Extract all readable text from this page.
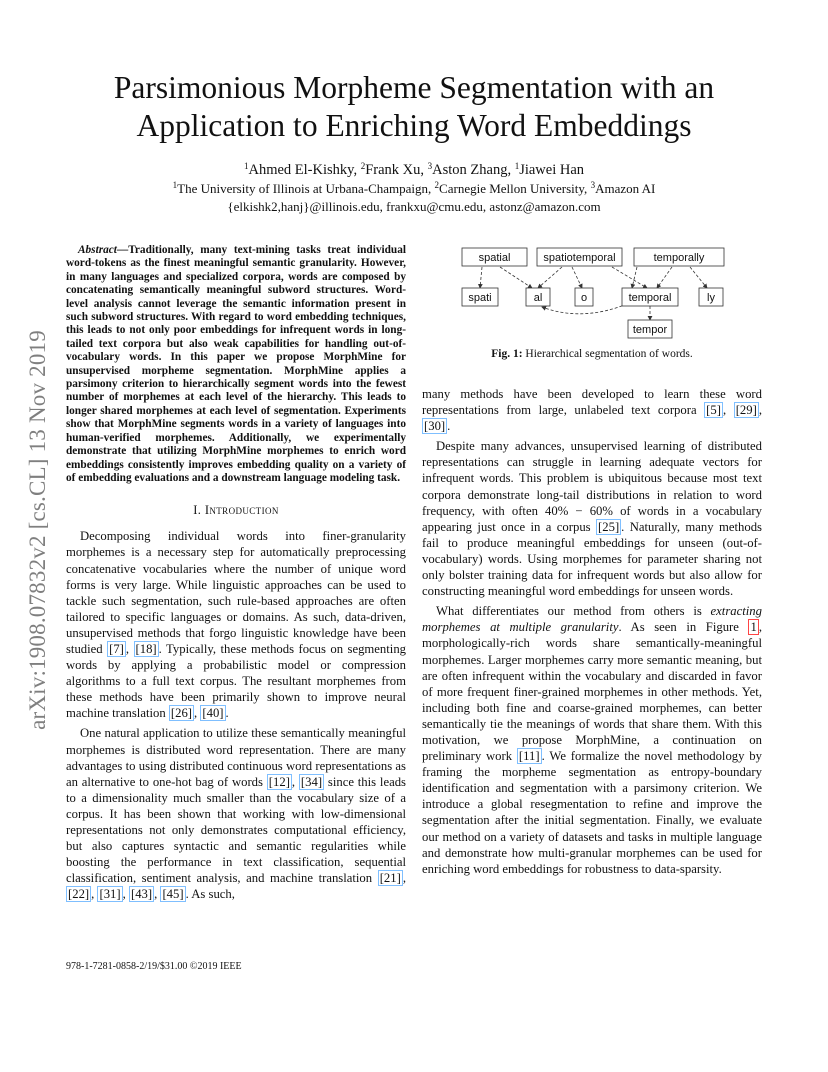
arXiv:1908.07832v2 [cs.CL] 13 Nov 2019
Parsimonious Morpheme Segmentation with an Application to Enriching Word Embeddings
$^1$Ahmed El-Kishky, $^2$Frank Xu, $^3$Aston Zhang, $^1$Jiawei Han
$^1$The University of Illinois at Urbana-Champaign, $^2$Carnegie Mellon University, $^3$Amazon AI
{elkishk2,hanj}@illinois.edu, frankxu@cmu.edu, astonz@amazon.com

Abstract—Traditionally, many text-mining tasks treat individual word-tokens as the finest meaningful semantic granularity. However, in many languages and specialized corpora, words are composed by concatenating semantically meaningful subword structures. Word-level analysis cannot leverage the semantic information present in such subword structures. With regard to word embedding techniques, this leads to not only poor embeddings for infrequent words in long-tailed text corpora but also weak capabilities for handling out-of-vocabulary words. In this paper we propose MorphMine for unsupervised morpheme segmentation. MorphMine applies a parsimony criterion to hierarchically segment words into the fewest number of morphemes at each level of the hierarchy. This leads to longer shared morphemes at each level of segmentation. Experiments show that MorphMine segments words in a variety of languages into human-verified morphemes. Additionally, we experimentally demonstrate that utilizing MorphMine morphemes to enrich word embeddings consistently improves embedding quality on a variety of of embedding evaluations and a downstream language modeling task.

I. Introduction

Decomposing individual words into finer-granularity morphemes is a necessary step for automatically preprocessing concatenative vocabularies where the number of unique word forms is very large. While linguistic approaches can be used to tackle such segmentation, such rule-based approaches are often tailored to specific languages or domains. As such, data-driven, unsupervised methods that forgo linguistic knowledge have been studied [7] , [18] . Typically, these methods focus on segmenting words by applying a probabilistic model or compression algorithms to a full text corpus. The resultant morphemes from these methods have been primarily shown to improve neural machine translation [26] , [40] .

One natural application to utilize these semantically meaningful morphemes is distributed word representation. There are many advantages to using distributed continuous word representations as an alternative to one-hot bag of words [12] , [34] since this leads to a dimensionality much smaller than the vocabulary size of a corpus. It has been shown that working with low-dimensional representations not only demonstrates computational efficiency, but also captures syntactic and semantic regularities while boosting the performance in text classification, sequential classification, sentiment analysis, and machine translation [21] , [22] , [31] , [43] , [45] . As such,

spatial	spatiotemporal	temporally
spati	al	o	temporal	ly
tempor
Fig. 1: Hierarchical segmentation of words.

many methods have been developed to learn these word representations from large, unlabeled text corpora [5] , [29] , [30] .

Despite many advances, unsupervised learning of distributed representations can struggle in learning adequate vectors for infrequent words. This problem is ubiquitous because most text corpora demonstrate long-tail distributions in relation to word frequency, with often 40% − 60% of words in a vocabulary appearing just once in a corpus [25] . Naturally, many methods fail to produce meaningful embeddings for unseen (out-of-vocabulary) words. Using morphemes for parameter sharing not only bolster training data for infrequent words but also allow for constructing meaningful word embeddings for unseen words.

What differentiates our method from others is extracting morphemes at multiple granularity. As seen in Figure 1 , morphologically-rich words share semantically-meaningful morphemes. Larger morphemes carry more semantic meaning, but are often infrequent within the vocabulary and discarded in favor of more frequent finer-grained morphemes in other methods. Yet, including both fine and coarse-grained morphemes, can better semantically tie the meanings of words that share them. With this motivation, we propose MorphMine, a continuation on preliminary work [11] . We formalize the novel methodology by framing the morpheme segmentation as entropy-boundary identification and segmentation with a parsimony criterion. We introduce a global resegmentation to refine and improve the segmentation after the initial segmentation. Finally, we evaluate our method on a variety of datasets and tasks in multiple language and demonstrate how multi-granular morphemes can be used for enriching word embeddings for robustness to data-sparsity.

978-1-7281-0858-2/19/$31.00 ©2019 IEEE
